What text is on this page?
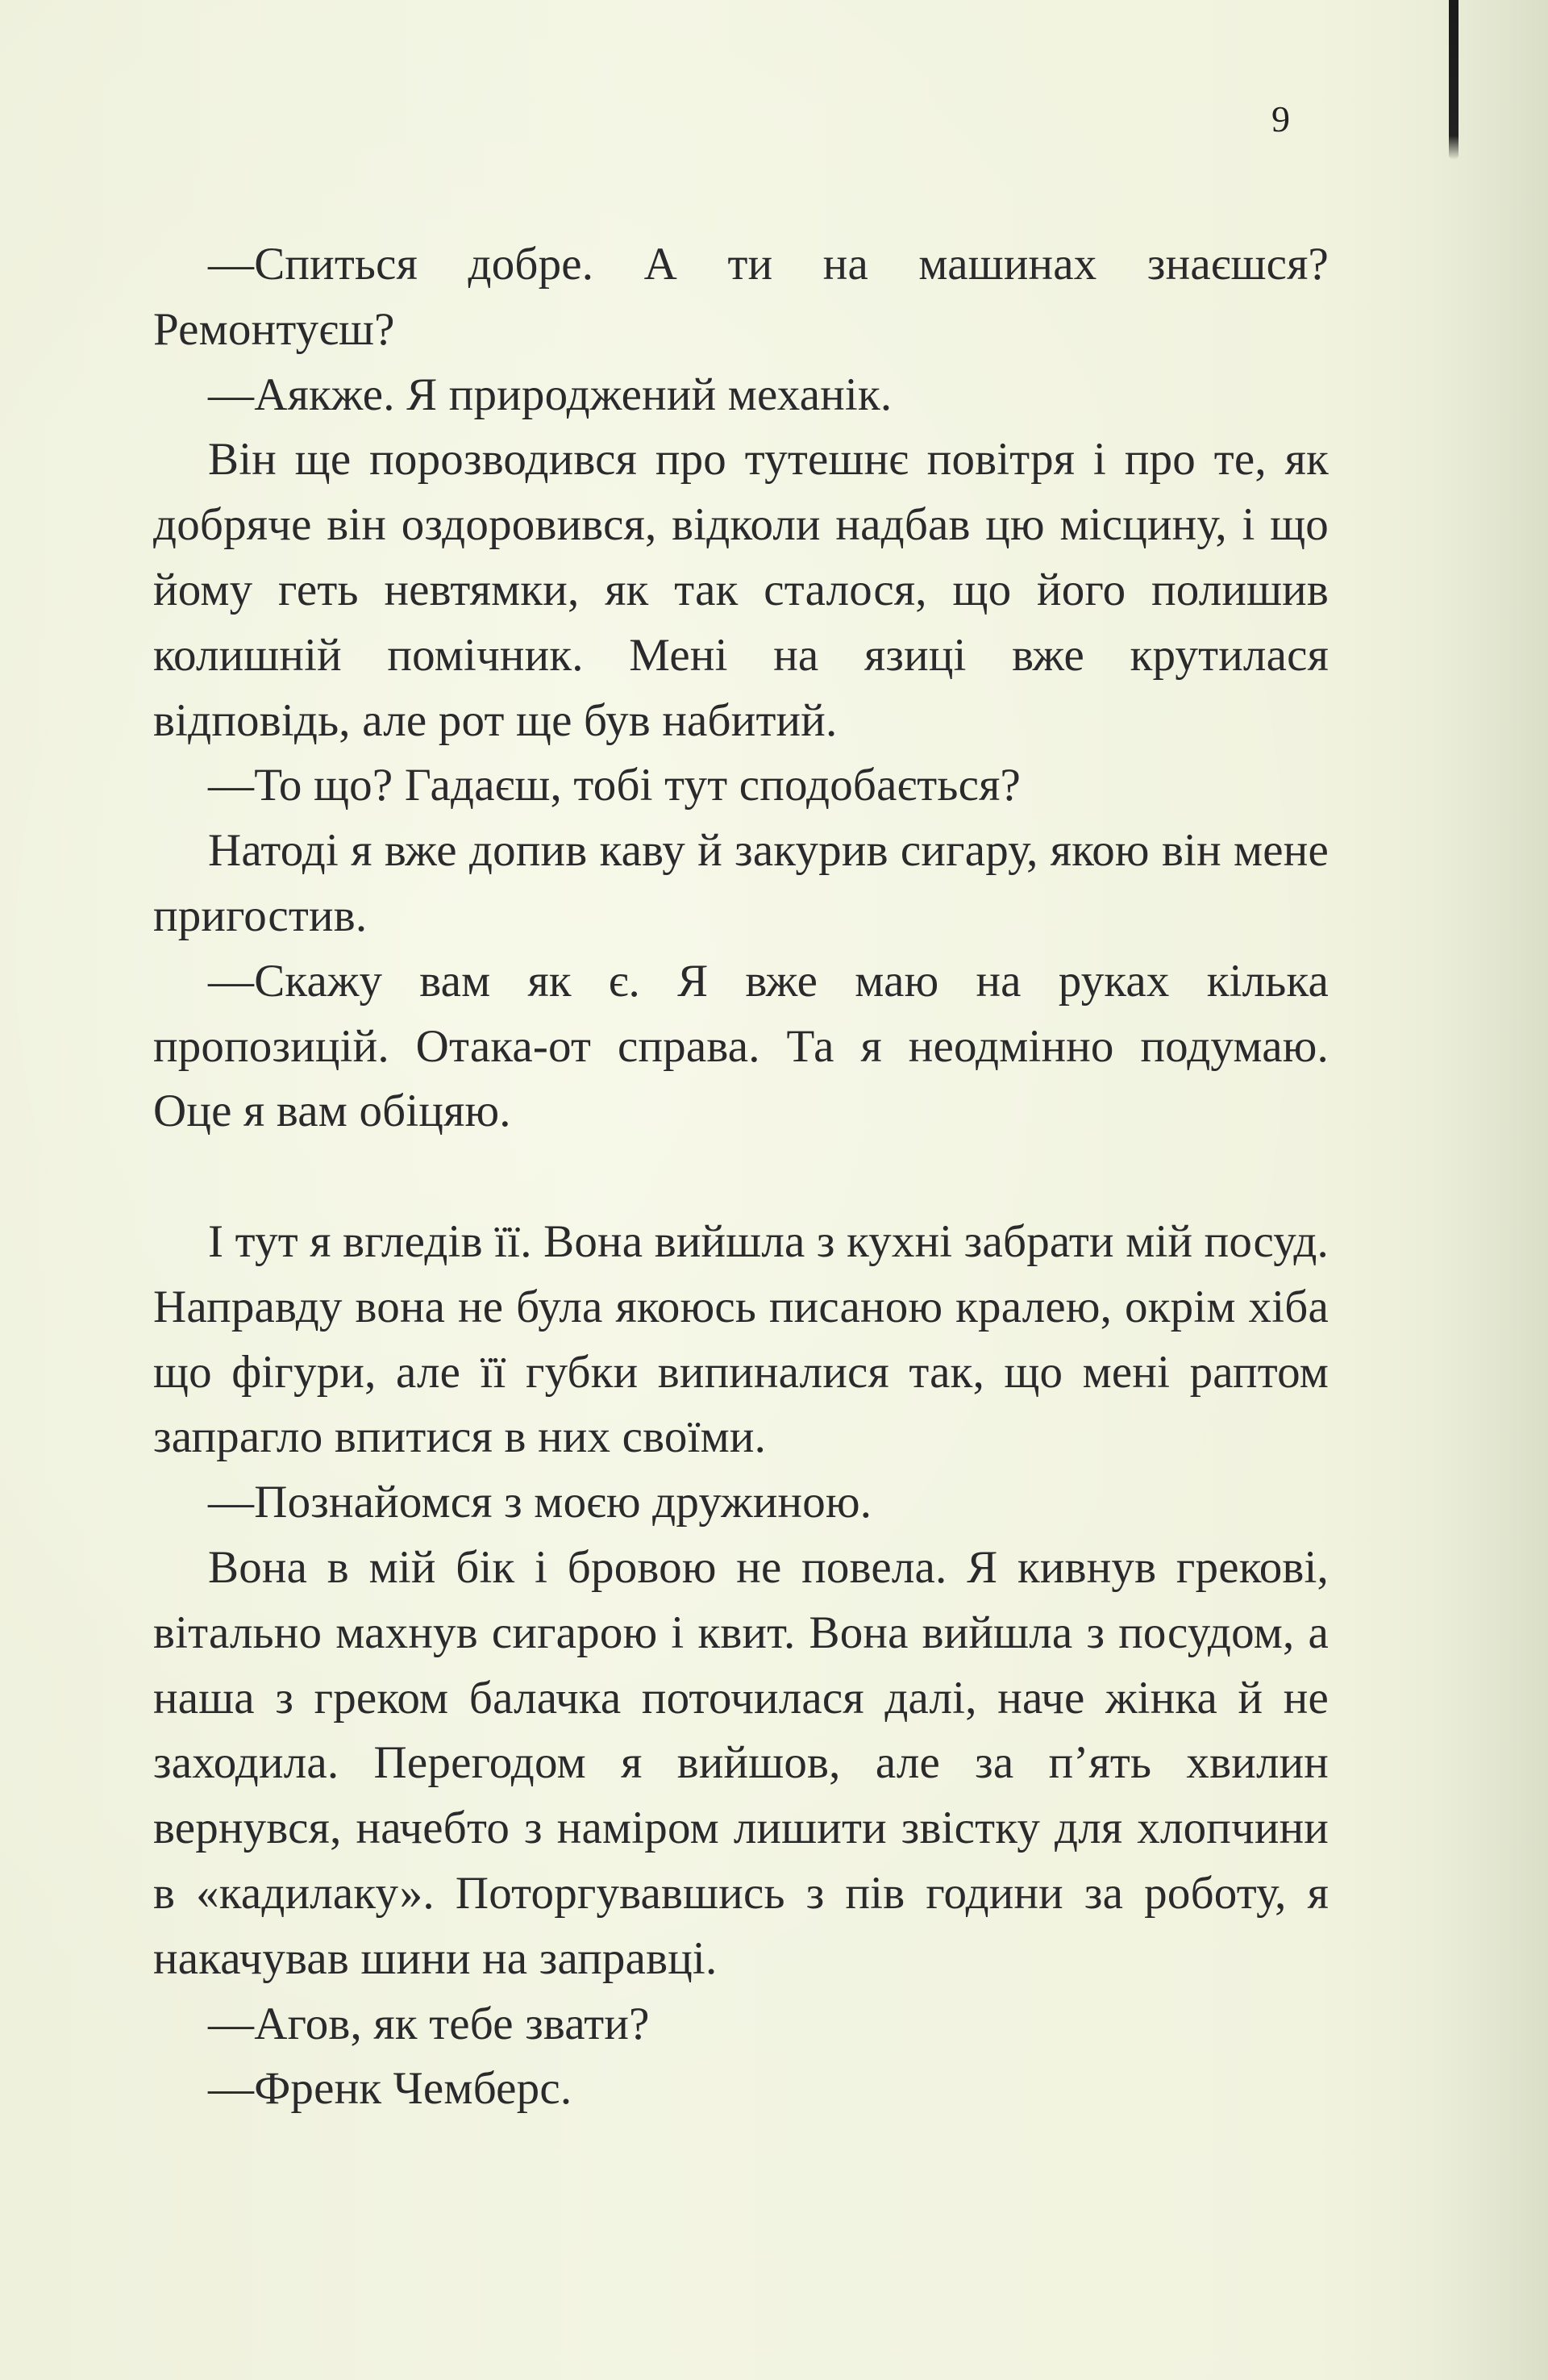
9

—Спиться добре. А ти на машинах знаєшся? Ремонтуєш?

—Аякже. Я природжений механік.

Він ще порозводився про тутешнє повітря і про те, як добряче він оздоровився, відколи надбав цю місцину, і що йому геть невтямки, як так сталося, що його полишив колишній помічник. Мені на язиці вже крутилася відповідь, але рот ще був набитий.

—То що? Гадаєш, тобі тут сподобається?

Натоді я вже допив каву й закурив сигару, якою він мене пригостив.

—Скажу вам як є. Я вже маю на руках кілька пропозицій. Отака-от справа. Та я неодмінно подумаю. Оце я вам обіцяю.

І тут я вгледів її. Вона вийшла з кухні забрати мій посуд. Направду вона не була якоюсь писаною кралею, окрім хіба що фігури, але її губки випиналися так, що мені раптом запрагло впитися в них своїми.

—Познайомся з моєю дружиною.

Вона в мій бік і бровою не повела. Я кивнув грекові, вітально махнув сигарою і квит. Вона вийшла з посудом, а наша з греком балачка поточилася далі, наче жінка й не заходила. Перегодом я вийшов, але за п’ять хвилин вернувся, начебто з наміром лишити звістку для хлопчини в «кадилаку». Поторгувавшись з пів години за роботу, я накачував шини на заправці.

—Агов, як тебе звати?

—Френк Чемберс.
